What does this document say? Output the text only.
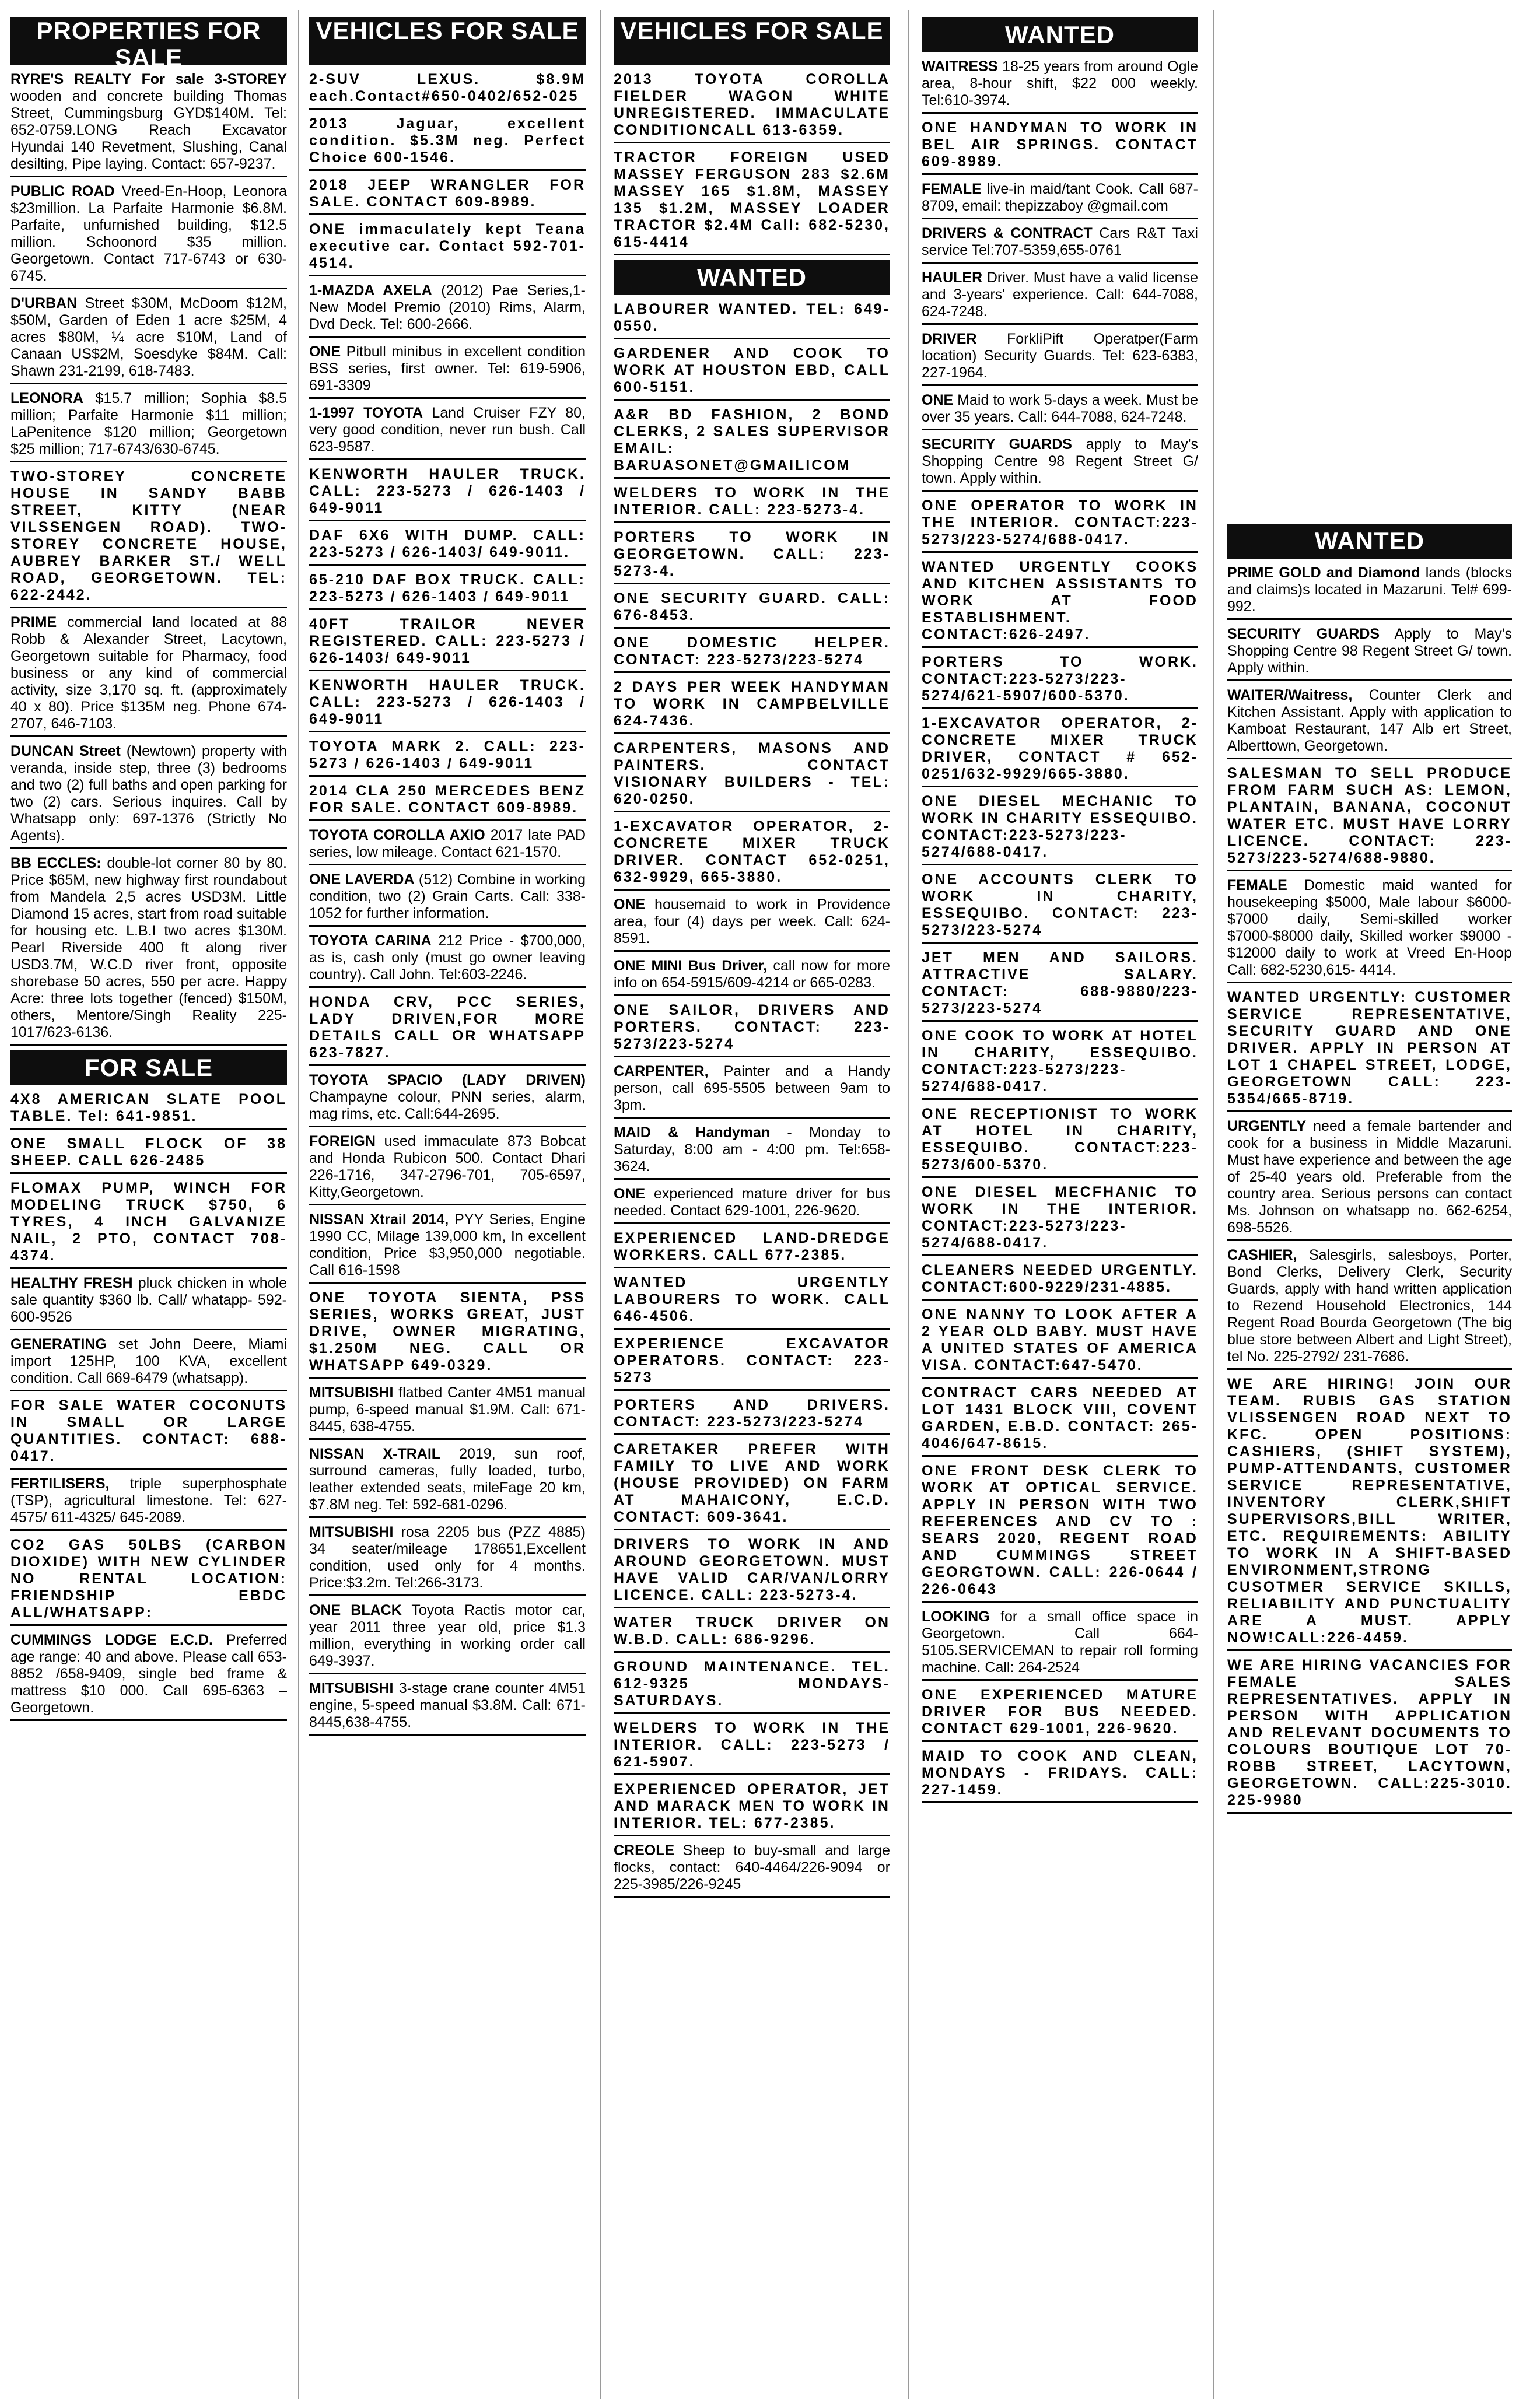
PROPERTIES FOR SALE
RYRE'S REALTY For sale 3-STOREY wooden and concrete building Thomas Street, Cummingsburg GYD$140M. Tel: 652-0759.LONG Reach Excavator Hyundai 140 Revetment, Slushing, Canal desilting, Pipe laying. Contact: 657-9237.
PUBLIC ROAD Vreed-En-Hoop, Leonora $23million. La Parfaite Harmonie $6.8M. Parfaite, unfurnished building, $12.5 million. Schoonord $35 million. Georgetown. Contact 717-6743 or 630-6745.
D'URBAN Street $30M, McDoom $12M, $50M, Garden of Eden 1 acre $25M, 4 acres $80M, ¼ acre $10M, Land of Canaan US$2M, Soesdyke $84M. Call: Shawn 231-2199, 618-7483.
LEONORA $15.7 million; Sophia $8.5 million; Parfaite Harmonie $11 million; LaPenitence $120 million; Georgetown $25 million; 717-6743/630-6745.
TWO-STOREY CONCRETE HOUSE IN SANDY BABB STREET, KITTY (NEAR VILSSENGEN ROAD). TWO-STOREY CONCRETE HOUSE, AUBREY BARKER ST./ WELL ROAD, GEORGETOWN. TEL: 622-2442.
PRIME commercial land located at 88 Robb & Alexander Street, Lacytown, Georgetown suitable for Pharmacy, food business or any kind of commercial activity, size 3,170 sq. ft. (approximately 40 x 80). Price $135M neg. Phone 674-2707, 646-7103.
DUNCAN Street (Newtown) property with veranda, inside step, three (3) bedrooms and two (2) full baths and open parking for two (2) cars. Serious inquires. Call by Whatsapp only: 697-1376 (Strictly No Agents).
BB ECCLES: double-lot corner 80 by 80. Price $65M, new highway first roundabout from Mandela 2,5 acres USD3M. Little Diamond 15 acres, start from road suitable for housing etc. L.B.I two acres $130M. Pearl Riverside 400 ft along river USD3.7M, W.C.D river front, opposite shorebase 50 acres, 550 per acre. Happy Acre: three lots together (fenced) $150M, others, Mentore/Singh Reality 225-1017/623-6136.
FOR SALE
4X8 AMERICAN SLATE POOL TABLE. Tel: 641-9851.
ONE SMALL FLOCK OF 38 SHEEP. CALL 626-2485
FLOMAX PUMP, WINCH FOR MODELING TRUCK $750, 6 TYRES, 4 INCH GALVANIZE NAIL, 2 PTO, CONTACT 708-4374.
HEALTHY FRESH pluck chicken in whole sale quantity $360 lb. Call/ whatapp- 592-600-9526
GENERATING set John Deere, Miami import 125HP, 100 KVA, excellent condition. Call 669-6479 (whatsapp).
FOR SALE WATER COCONUTS IN SMALL OR LARGE QUANTITIES. CONTACT: 688-0417.
FERTILISERS, triple superphosphate (TSP), agricultural limestone. Tel: 627-4575/ 611-4325/ 645-2089.
CO2 GAS 50LBS (CARBON DIOXIDE) WITH NEW CYLINDER NO RENTAL LOCATION: FRIENDSHIP EBDC ALL/WHATSAPP:
CUMMINGS LODGE E.C.D. Preferred age range: 40 and above. Please call 653-8852 /658-9409, single bed frame & mattress $10 000. Call 695-6363 – Georgetown.
VEHICLES FOR SALE
2-SUV LEXUS. $8.9M each.Contact#650-0402/652-025
2013 Jaguar, excellent condition. $5.3M neg. Perfect Choice 600-1546.
2018 JEEP WRANGLER FOR SALE. CONTACT 609-8989.
ONE immaculately kept Teana executive car. Contact 592-701-4514.
1-MAZDA AXELA (2012) Pae Series,1- New Model Premio (2010) Rims, Alarm, Dvd Deck. Tel: 600-2666.
ONE Pitbull minibus in excellent condition BSS series, first owner. Tel: 619-5906, 691-3309
1-1997 TOYOTA Land Cruiser FZY 80, very good condition, never run bush. Call 623-9587.
KENWORTH HAULER TRUCK. CALL: 223-5273 / 626-1403 / 649-9011
DAF 6X6 WITH DUMP. CALL: 223-5273 / 626-1403/ 649-9011.
65-210 DAF BOX TRUCK. CALL: 223-5273 / 626-1403 / 649-9011
40FT TRAILOR NEVER REGISTERED. CALL: 223-5273 / 626-1403/ 649-9011
KENWORTH HAULER TRUCK. CALL: 223-5273 / 626-1403 / 649-9011
TOYOTA MARK 2. CALL: 223-5273 / 626-1403 / 649-9011
2014 CLA 250 MERCEDES BENZ FOR SALE. CONTACT 609-8989.
TOYOTA COROLLA AXIO 2017 late PAD series, low mileage. Contact 621-1570.
ONE LAVERDA (512) Combine in working condition, two (2) Grain Carts. Call: 338-1052 for further information.
TOYOTA CARINA 212 Price - $700,000, as is, cash only (must go owner leaving country). Call John. Tel:603-2246.
HONDA CRV, PCC SERIES, LADY DRIVEN,FOR MORE DETAILS CALL OR WHATSAPP 623-7827.
TOYOTA SPACIO (LADY DRIVEN) Champayne colour, PNN series, alarm, mag rims, etc. Call:644-2695.
FOREIGN used immaculate 873 Bobcat and Honda Rubicon 500. Contact Dhari 226-1716, 347-2796-701, 705-6597, Kitty,Georgetown.
NISSAN Xtrail 2014, PYY Series, Engine 1990 CC, Milage 139,000 km, In excellent condition, Price $3,950,000 negotiable. Call 616-1598
ONE TOYOTA SIENTA, PSS SERIES, WORKS GREAT, JUST DRIVE, OWNER MIGRATING, $1.250M NEG. CALL OR WHATSAPP 649-0329.
MITSUBISHI flatbed Canter 4M51 manual pump, 6-speed manual $1.9M. Call: 671-8445, 638-4755.
NISSAN X-TRAIL 2019, sun roof, surround cameras, fully loaded, turbo, leather extended seats, mileFage 20 km, $7.8M neg. Tel: 592-681-0296.
MITSUBISHI rosa 2205 bus (PZZ 4885) 34 seater/mileage 178651,Excellent condition, used only for 4 months. Price:$3.2m. Tel:266-3173.
ONE BLACK Toyota Ractis motor car, year 2011 three year old, price $1.3 million, everything in working order call 649-3937.
MITSUBISHI 3-stage crane counter 4M51 engine, 5-speed manual $3.8M. Call: 671-8445,638-4755.
VEHICLES FOR SALE
2013 TOYOTA COROLLA FIELDER WAGON WHITE UNREGISTERED. IMMACULATE CONDITIONCALL 613-6359.
TRACTOR FOREIGN USED MASSEY FERGUSON 283 $2.6M MASSEY 165 $1.8M, MASSEY 135 $1.2M, MASSEY LOADER TRACTOR $2.4M Call: 682-5230, 615-4414
WANTED
LABOURER WANTED. TEL: 649-0550.
GARDENER AND COOK TO WORK AT HOUSTON EBD, CALL 600-5151.
A&R BD FASHION, 2 BOND CLERKS, 2 SALES SUPERVISOR EMAIL: BARUASONET@GMAILICOM
WELDERS TO WORK IN THE INTERIOR. CALL: 223-5273-4.
PORTERS TO WORK IN GEORGETOWN. CALL: 223-5273-4.
ONE SECURITY GUARD. CALL: 676-8453.
ONE DOMESTIC HELPER. CONTACT: 223-5273/223-5274
2 DAYS PER WEEK HANDYMAN TO WORK IN CAMPBELVILLE 624-7436.
CARPENTERS, MASONS AND PAINTERS. CONTACT VISIONARY BUILDERS - TEL: 620-0250.
1-EXCAVATOR OPERATOR, 2-CONCRETE MIXER TRUCK DRIVER. CONTACT 652-0251, 632-9929, 665-3880.
ONE housemaid to work in Providence area, four (4) days per week. Call: 624-8591.
ONE MINI Bus Driver, call now for more info on 654-5915/609-4214 or 665-0283.
ONE SAILOR, DRIVERS AND PORTERS. CONTACT: 223-5273/223-5274
CARPENTER, Painter and a Handy person, call 695-5505 between 9am to 3pm.
MAID & Handyman - Monday to Saturday, 8:00 am - 4:00 pm. Tel:658-3624.
ONE experienced mature driver for bus needed. Contact 629-1001, 226-9620.
EXPERIENCED LAND-DREDGE WORKERS. CALL 677-2385.
WANTED URGENTLY LABOURERS TO WORK. CALL 646-4506.
EXPERIENCE EXCAVATOR OPERATORS. CONTACT: 223-5273
PORTERS AND DRIVERS. CONTACT: 223-5273/223-5274
CARETAKER PREFER WITH FAMILY TO LIVE AND WORK (HOUSE PROVIDED) ON FARM AT MAHAICONY, E.C.D. CONTACT: 609-3641.
DRIVERS TO WORK IN AND AROUND GEORGETOWN. MUST HAVE VALID CAR/VAN/LORRY LICENCE. CALL: 223-5273-4.
WATER TRUCK DRIVER ON W.B.D. CALL: 686-9296.
GROUND MAINTENANCE. TEL. 612-9325 MONDAYS-SATURDAYS.
WELDERS TO WORK IN THE INTERIOR. CALL: 223-5273 / 621-5907.
EXPERIENCED OPERATOR, JET AND MARACK MEN TO WORK IN INTERIOR. TEL: 677-2385.
CREOLE Sheep to buy-small and large flocks, contact: 640-4464/226-9094 or 225-3985/226-9245
WANTED
WAITRESS 18-25 years from around Ogle area, 8-hour shift, $22 000 weekly. Tel:610-3974.
ONE HANDYMAN TO WORK IN BEL AIR SPRINGS. CONTACT 609-8989.
FEMALE live-in maid/tant Cook. Call 687-8709, email: thepizzaboy @gmail.com
DRIVERS & CONTRACT Cars R&T Taxi service Tel:707-5359,655-0761
HAULER Driver. Must have a valid license and 3-years' experience. Call: 644-7088, 624-7248.
DRIVER ForkliPift Operatper(Farm location) Security Guards. Tel: 623-6383, 227-1964.
ONE Maid to work 5-days a week. Must be over 35 years. Call: 644-7088, 624-7248.
SECURITY GUARDS apply to May's Shopping Centre 98 Regent Street G/ town. Apply within.
ONE OPERATOR TO WORK IN THE INTERIOR. CONTACT:223-5273/223-5274/688-0417.
WANTED URGENTLY COOKS AND KITCHEN ASSISTANTS TO WORK AT FOOD ESTABLISHMENT. CONTACT:626-2497.
PORTERS TO WORK. CONTACT:223-5273/223-5274/621-5907/600-5370.
1-EXCAVATOR OPERATOR, 2- CONCRETE MIXER TRUCK DRIVER, CONTACT # 652-0251/632-9929/665-3880.
ONE DIESEL MECHANIC TO WORK IN CHARITY ESSEQUIBO. CONTACT:223-5273/223-5274/688-0417.
ONE ACCOUNTS CLERK TO WORK IN CHARITY, ESSEQUIBO. CONTACT: 223-5273/223-5274
JET MEN AND SAILORS. ATTRACTIVE SALARY. CONTACT: 688-9880/223-5273/223-5274
ONE COOK TO WORK AT HOTEL IN CHARITY, ESSEQUIBO. CONTACT:223-5273/223-5274/688-0417.
ONE RECEPTIONIST TO WORK AT HOTEL IN CHARITY, ESSEQUIBO. CONTACT:223-5273/600-5370.
ONE DIESEL MECFHANIC TO WORK IN THE INTERIOR. CONTACT:223-5273/223-5274/688-0417.
CLEANERS NEEDED URGENTLY. CONTACT:600-9229/231-4885.
ONE NANNY TO LOOK AFTER A 2 YEAR OLD BABY. MUST HAVE A UNITED STATES OF AMERICA VISA. CONTACT:647-5470.
CONTRACT CARS NEEDED AT LOT 1431 BLOCK VIII, COVENT GARDEN, E.B.D. CONTACT: 265-4046/647-8615.
ONE FRONT DESK CLERK TO WORK AT OPTICAL SERVICE. APPLY IN PERSON WITH TWO REFERENCES AND CV TO : SEARS 2020, REGENT ROAD AND CUMMINGS STREET GEORGTOWN. CALL: 226-0644 / 226-0643
LOOKING for a small office space in Georgetown. Call 664-5105.SERVICEMAN to repair roll forming machine. Call: 264-2524
ONE EXPERIENCED MATURE DRIVER FOR BUS NEEDED. CONTACT 629-1001, 226-9620.
MAID TO COOK AND CLEAN, MONDAYS - FRIDAYS. CALL: 227-1459.
WANTED
PRIME GOLD and Diamond lands (blocks and claims)s located in Mazaruni. Tel# 699-992.
SECURITY GUARDS Apply to May's Shopping Centre 98 Regent Street G/ town. Apply within.
WAITER/Waitress, Counter Clerk and Kitchen Assistant. Apply with application to Kamboat Restaurant, 147 Alb ert Street, Alberttown, Georgetown.
SALESMAN TO SELL PRODUCE FROM FARM SUCH AS: LEMON, PLANTAIN, BANANA, COCONUT WATER ETC. MUST HAVE LORRY LICENCE. CONTACT: 223-5273/223-5274/688-9880.
FEMALE Domestic maid wanted for housekeeping $5000, Male labour $6000- $7000 daily, Semi-skilled worker $7000-$8000 daily, Skilled worker $9000 - $12000 daily to work at Vreed En-Hoop Call: 682-5230,615- 4414.
WANTED URGENTLY: CUSTOMER SERVICE REPRESENTATIVE, SECURITY GUARD AND ONE DRIVER. APPLY IN PERSON AT LOT 1 CHAPEL STREET, LODGE, GEORGETOWN CALL: 223-5354/665-8719.
URGENTLY need a female bartender and cook for a business in Middle Mazaruni. Must have experience and between the age of 25-40 years old. Preferable from the country area. Serious persons can contact Ms. Johnson on whatsapp no. 662-6254, 698-5526.
CASHIER, Salesgirls, salesboys, Porter, Bond Clerks, Delivery Clerk, Security Guards, apply with hand written application to Rezend Household Electronics, 144 Regent Road Bourda Georgetown (The big blue store between Albert and Light Street), tel No. 225-2792/ 231-7686.
WE ARE HIRING! JOIN OUR TEAM. RUBIS GAS STATION VLISSENGEN ROAD NEXT TO KFC. OPEN POSITIONS: CASHIERS, (SHIFT SYSTEM), PUMP-ATTENDANTS, CUSTOMER SERVICE REPRESENTATIVE, INVENTORY CLERK,SHIFT SUPERVISORS,BILL WRITER, ETC. REQUIREMENTS: ABILITY TO WORK IN A SHIFT-BASED ENVIRONMENT,STRONG CUSOTMER SERVICE SKILLS, RELIABILITY AND PUNCTUALITY ARE A MUST. APPLY NOW!CALL:226-4459.
WE ARE HIRING VACANCIES FOR FEMALE SALES REPRESENTATIVES. APPLY IN PERSON WITH APPLICATION AND RELEVANT DOCUMENTS TO COLOURS BOUTIQUE LOT 70-ROBB STREET, LACYTOWN, GEORGETOWN. CALL:225-3010. 225-9980
